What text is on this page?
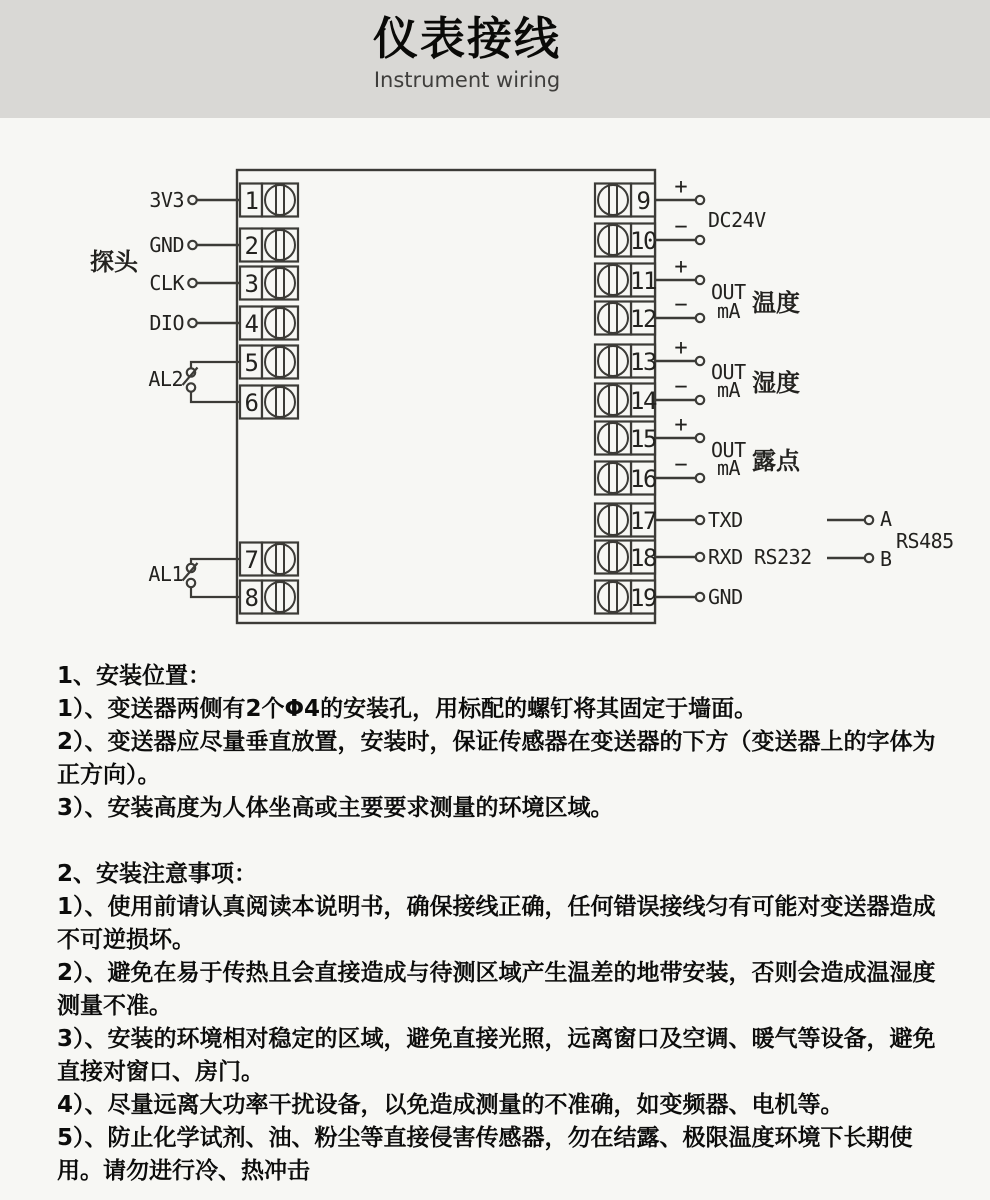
仪表接线
Instrument wiring
1
2
3
4
5
6
7
8
9
10
11
12
13
14
15
16
17
18
19
探头
3V3
GND
CLK
DIO
AL2
AL1
+
−
+
−
+
−
+
−
DC24V
OUT
mA 温度
OUT
mA 湿度
OUT
mA 露点
TXD
RXD RS232
GND
A
B
RS485

1、安装位置：

1）、变送器两侧有2个Φ4的安装孔，用标配的螺钉将其固定于墙面。

2）、变送器应尽量垂直放置，安装时，保证传感器在变送器的下方（变送器上的字体为正方向）。

3）、安装高度为人体坐高或主要要求测量的环境区域。

2、安装注意事项：

1）、使用前请认真阅读本说明书，确保接线正确，任何错误接线匀有可能对变送器造成不可逆损坏。

2）、避免在易于传热且会直接造成与待测区域产生温差的地带安装，否则会造成温湿度测量不准。

3）、安装的环境相对稳定的区域，避免直接光照，远离窗口及空调、暖气等设备，避免直接对窗口、房门。

4）、尽量远离大功率干扰设备，以免造成测量的不准确，如变频器、电机等。

5）、防止化学试剂、油、粉尘等直接侵害传感器，勿在结露、极限温度环境下长期使用。请勿进行冷、热冲击
